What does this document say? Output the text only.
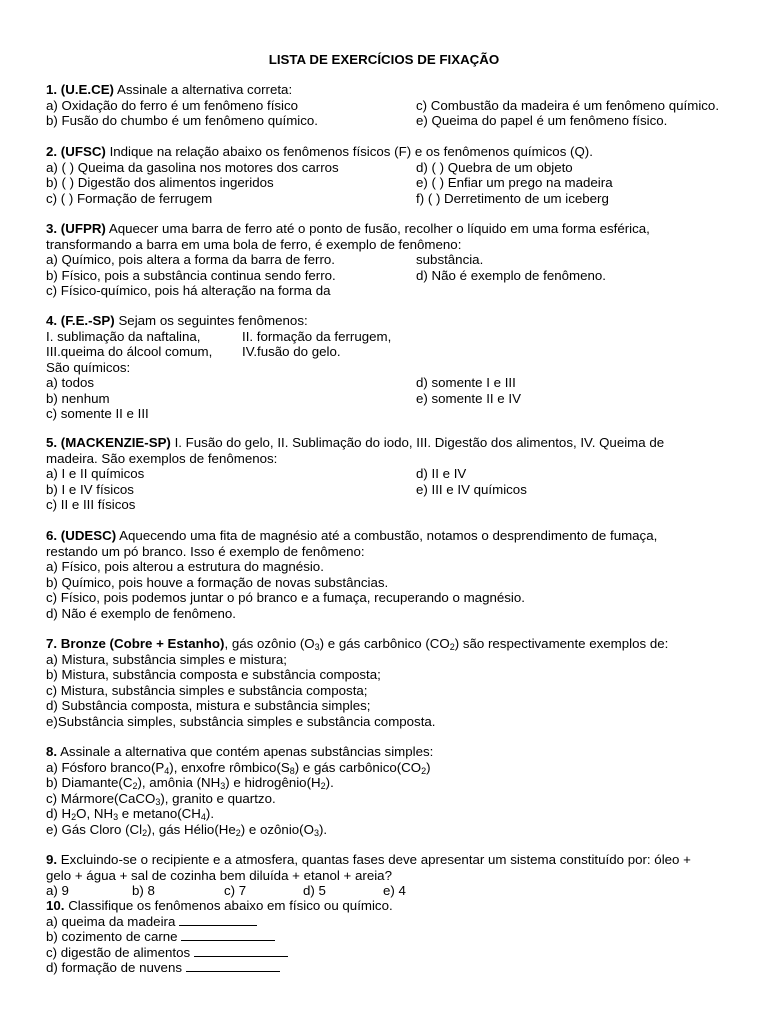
LISTA DE EXERCÍCIOS DE FIXAÇÃO
1. (U.E.CE) Assinale a alternativa correta:
a) Oxidação do ferro é um fenômeno físico	c) Combustão da madeira é um fenômeno químico.
b) Fusão do chumbo é um fenômeno químico.	e) Queima do papel é um fenômeno físico.
2. (UFSC) Indique na relação abaixo os fenômenos físicos (F) e os fenômenos químicos (Q).
a) ( ) Queima da gasolina nos motores dos carros	d) ( ) Quebra de um objeto
b) ( ) Digestão dos alimentos ingeridos	e) ( ) Enfiar um prego na madeira
c) ( ) Formação de ferrugem	f) ( ) Derretimento de um iceberg
3. (UFPR) Aquecer uma barra de ferro até o ponto de fusão, recolher o líquido em uma forma esférica,
transformando a barra em uma bola de ferro, é exemplo de fenômeno:
a) Químico, pois altera a forma da barra de ferro.	substância.
b) Físico, pois a substância continua sendo ferro.	d) Não é exemplo de fenômeno.
c) Físico-químico, pois há alteração na forma da
4. (F.E.-SP) Sejam os seguintes fenômenos:
I. sublimação da naftalina,	II. formação da ferrugem,
III.queima do álcool comum, IV.fusão do gelo.
São químicos:
a) todos	d) somente I e III
b) nenhum	e) somente II e IV
c) somente II e III
5. (MACKENZIE-SP) I. Fusão do gelo, II. Sublimação do iodo, III. Digestão dos alimentos, IV. Queima de
madeira. São exemplos de fenômenos:
a) I e II químicos	d) II e IV
b) I e IV físicos	e) III e IV químicos
c) II e III físicos
6. (UDESC) Aquecendo uma fita de magnésio até a combustão, notamos o desprendimento de fumaça,
restando um pó branco. Isso é exemplo de fenômeno:
a) Físico, pois alterou a estrutura do magnésio.
b) Químico, pois houve a formação de novas substâncias.
c) Físico, pois podemos juntar o pó branco e a fumaça, recuperando o magnésio.
d) Não é exemplo de fenômeno.
7. Bronze (Cobre + Estanho), gás ozônio $(O_3)$ e gás carbônico $(CO_2)$ são respectivamente exemplos de:
a) Mistura, substância simples e mistura;
b) Mistura, substância composta e substância composta;
c) Mistura, substância simples e substância composta;
d) Substância composta, mistura e substância simples;
e)Substância simples, substância simples e substância composta.
8. Assinale a alternativa que contém apenas substâncias simples:
a) Fósforo $branco(P_4)$, enxofre $rômbico(S_8)$ e gás $carbônico(CO_2)$
b) $Diamante(C_2)$, amônia $(NH_3)$ e $hidrogênio(H_2)$.
c) Mármore(CaCO$_3$), granito e quartzo.
d) $H_2O$, $NH_3$ e $metano(CH_4)$.
e) Gás Cloro $(Cl_2)$, gás $Hélio(He_2)$ e $ozônio(O_3)$.
9. Excluindo-se o recipiente e a atmosfera, quantas fases deve apresentar um sistema constituído por: óleo +
gelo + água + sal de cozinha bem diluída + etanol + areia?
a) 9	b) 8	c) 7	d) 5	e) 4
10. Classifique os fenômenos abaixo em físico ou químico.
a) queima da madeira
b) cozimento de carne
c) digestão de alimentos
d) formação de nuvens
